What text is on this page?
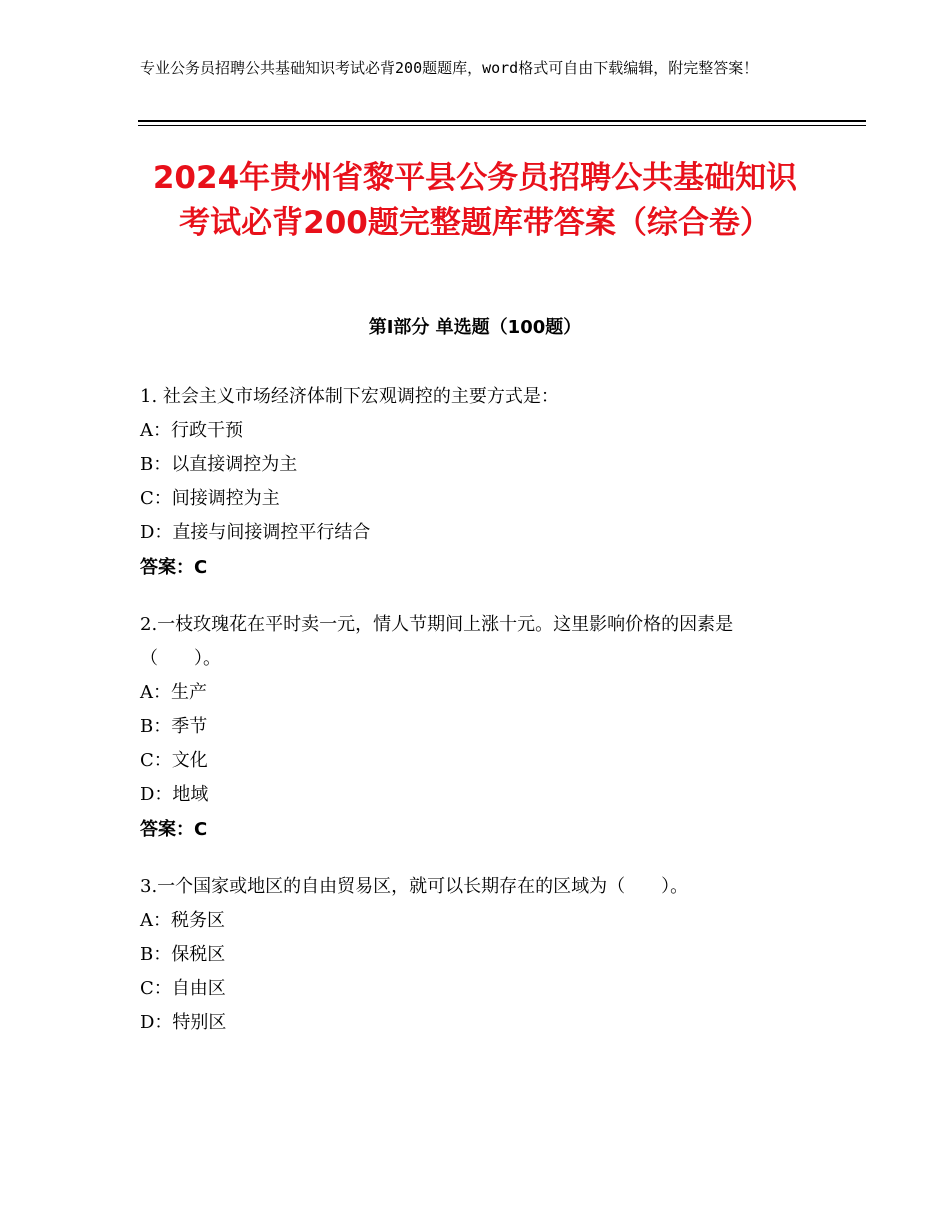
专业公务员招聘公共基础知识考试必背200题题库，word格式可自由下载编辑，附完整答案！
2024年贵州省黎平县公务员招聘公共基础知识考试必背200题完整题库带答案（综合卷）
第I部分 单选题（100题）
1. 社会主义市场经济体制下宏观调控的主要方式是：
A：行政干预
B：以直接调控为主
C：间接调控为主
D：直接与间接调控平行结合
答案：C
2.一枝玫瑰花在平时卖一元，情人节期间上涨十元。这里影响价格的因素是（　　）。
A：生产
B：季节
C：文化
D：地域
答案：C
3.一个国家或地区的自由贸易区，就可以长期存在的区域为（　　）。
A：税务区
B：保税区
C：自由区
D：特别区
